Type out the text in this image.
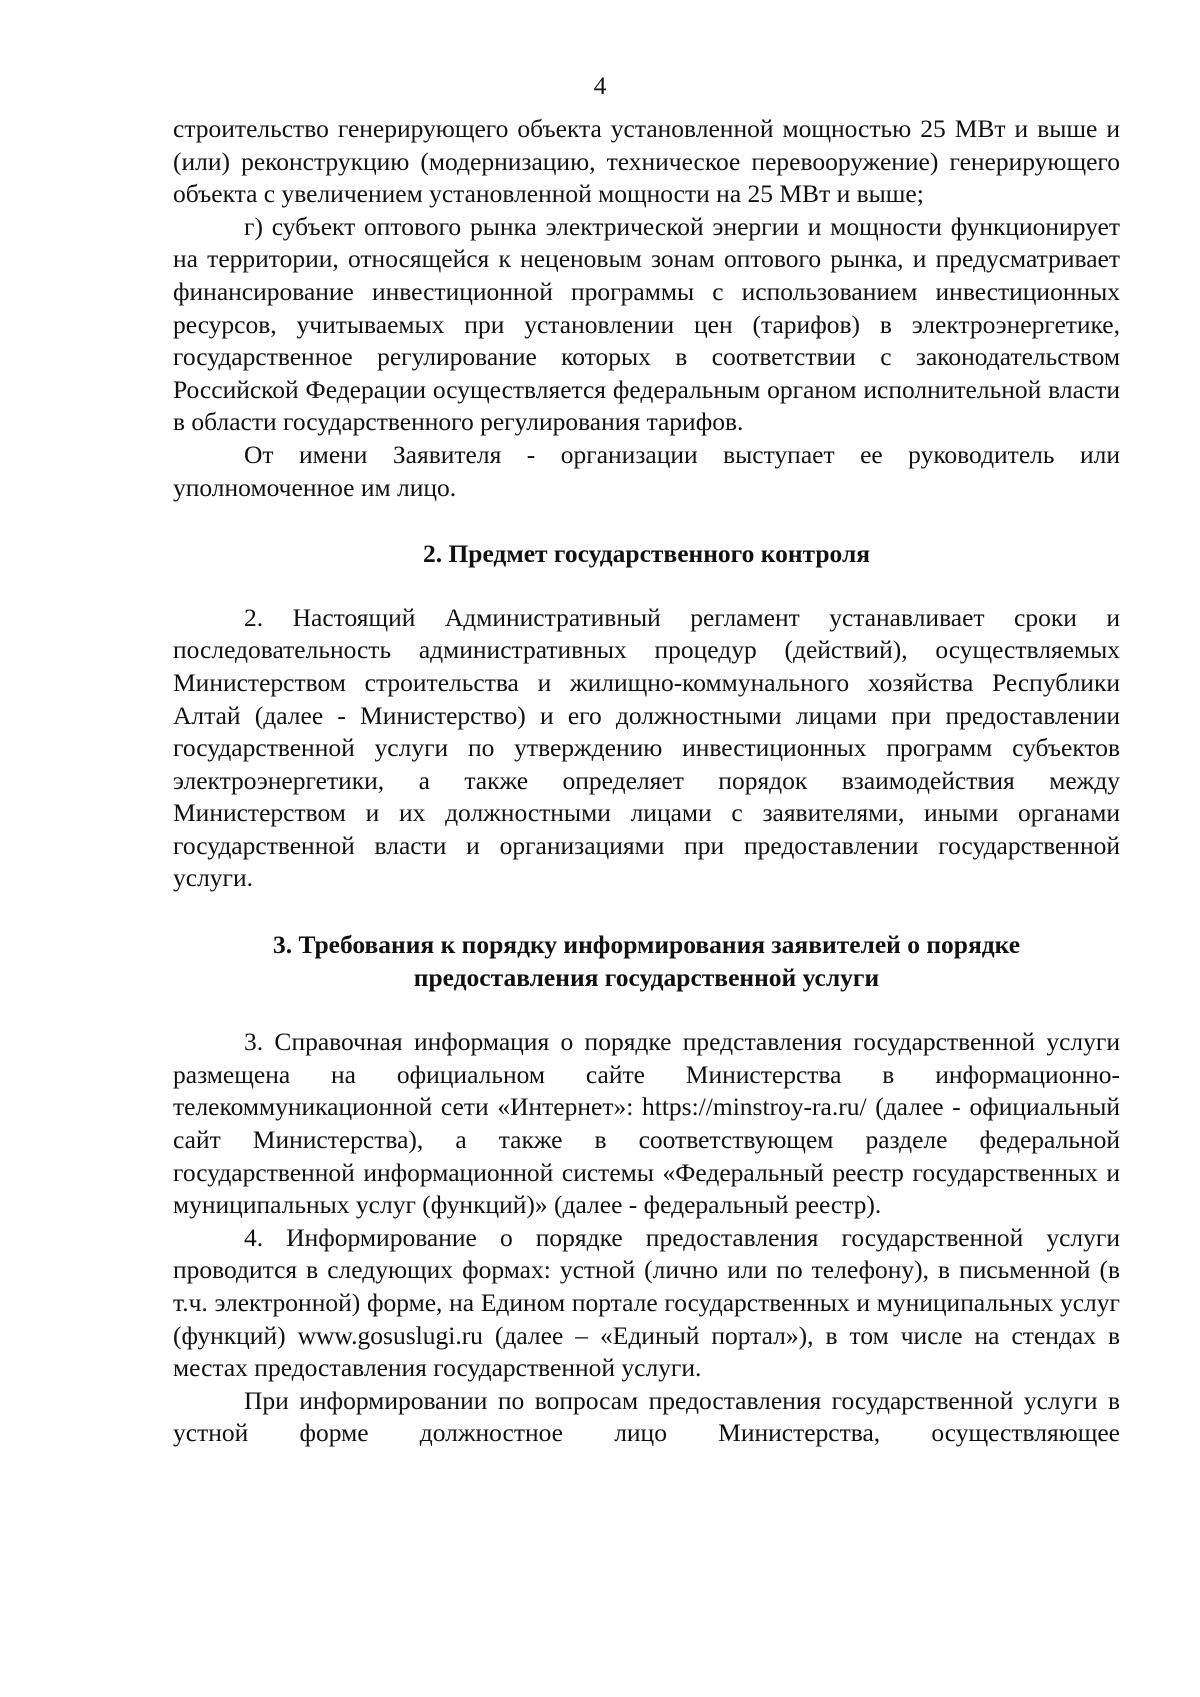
4

строительство генерирующего объекта установленной мощностью 25 МВт и выше и (или) реконструкцию (модернизацию, техническое перевооружение) генерирующего объекта с увеличением установленной мощности на 25 МВт и выше;

г) субъект оптового рынка электрической энергии и мощности функционирует на территории, относящейся к неценовым зонам оптового рынка, и предусматривает финансирование инвестиционной программы с использованием инвестиционных ресурсов, учитываемых при установлении цен (тарифов) в электроэнергетике, государственное регулирование которых в соответствии с законодательством Российской Федерации осуществляется федеральным органом исполнительной власти в области государственного регулирования тарифов.

От имени Заявителя - организации выступает ее руководитель или уполномоченное им лицо.

2. Предмет государственного контроля

2. Настоящий Административный регламент устанавливает сроки и последовательность административных процедур (действий), осуществляемых Министерством строительства и жилищно-коммунального хозяйства Республики Алтай (далее - Министерство) и его должностными лицами при предоставлении государственной услуги по утверждению инвестиционных программ субъектов электроэнергетики, а также определяет порядок взаимодействия между Министерством и их должностными лицами с заявителями, иными органами государственной власти и организациями при предоставлении государственной услуги.

3. Требования к порядку информирования заявителей о порядке
предоставления государственной услуги

3. Справочная информация о порядке представления государственной услуги размещена на официальном сайте Министерства в информационно-телекоммуникационной сети «Интернет»: https://minstroy-ra.ru/ (далее - официальный сайт Министерства), а также в соответствующем разделе федеральной государственной информационной системы «Федеральный реестр государственных и муниципальных услуг (функций)» (далее - федеральный реестр).

4. Информирование о порядке предоставления государственной услуги проводится в следующих формах: устной (лично или по телефону), в письменной (в т.ч. электронной) форме, на Едином портале государственных и муниципальных услуг (функций) www.gosuslugi.ru (далее – «Единый портал»), в том числе на стендах в местах предоставления государственной услуги.

При информировании по вопросам предоставления государственной услуги в устной форме должностное лицо Министерства, осуществляющее
